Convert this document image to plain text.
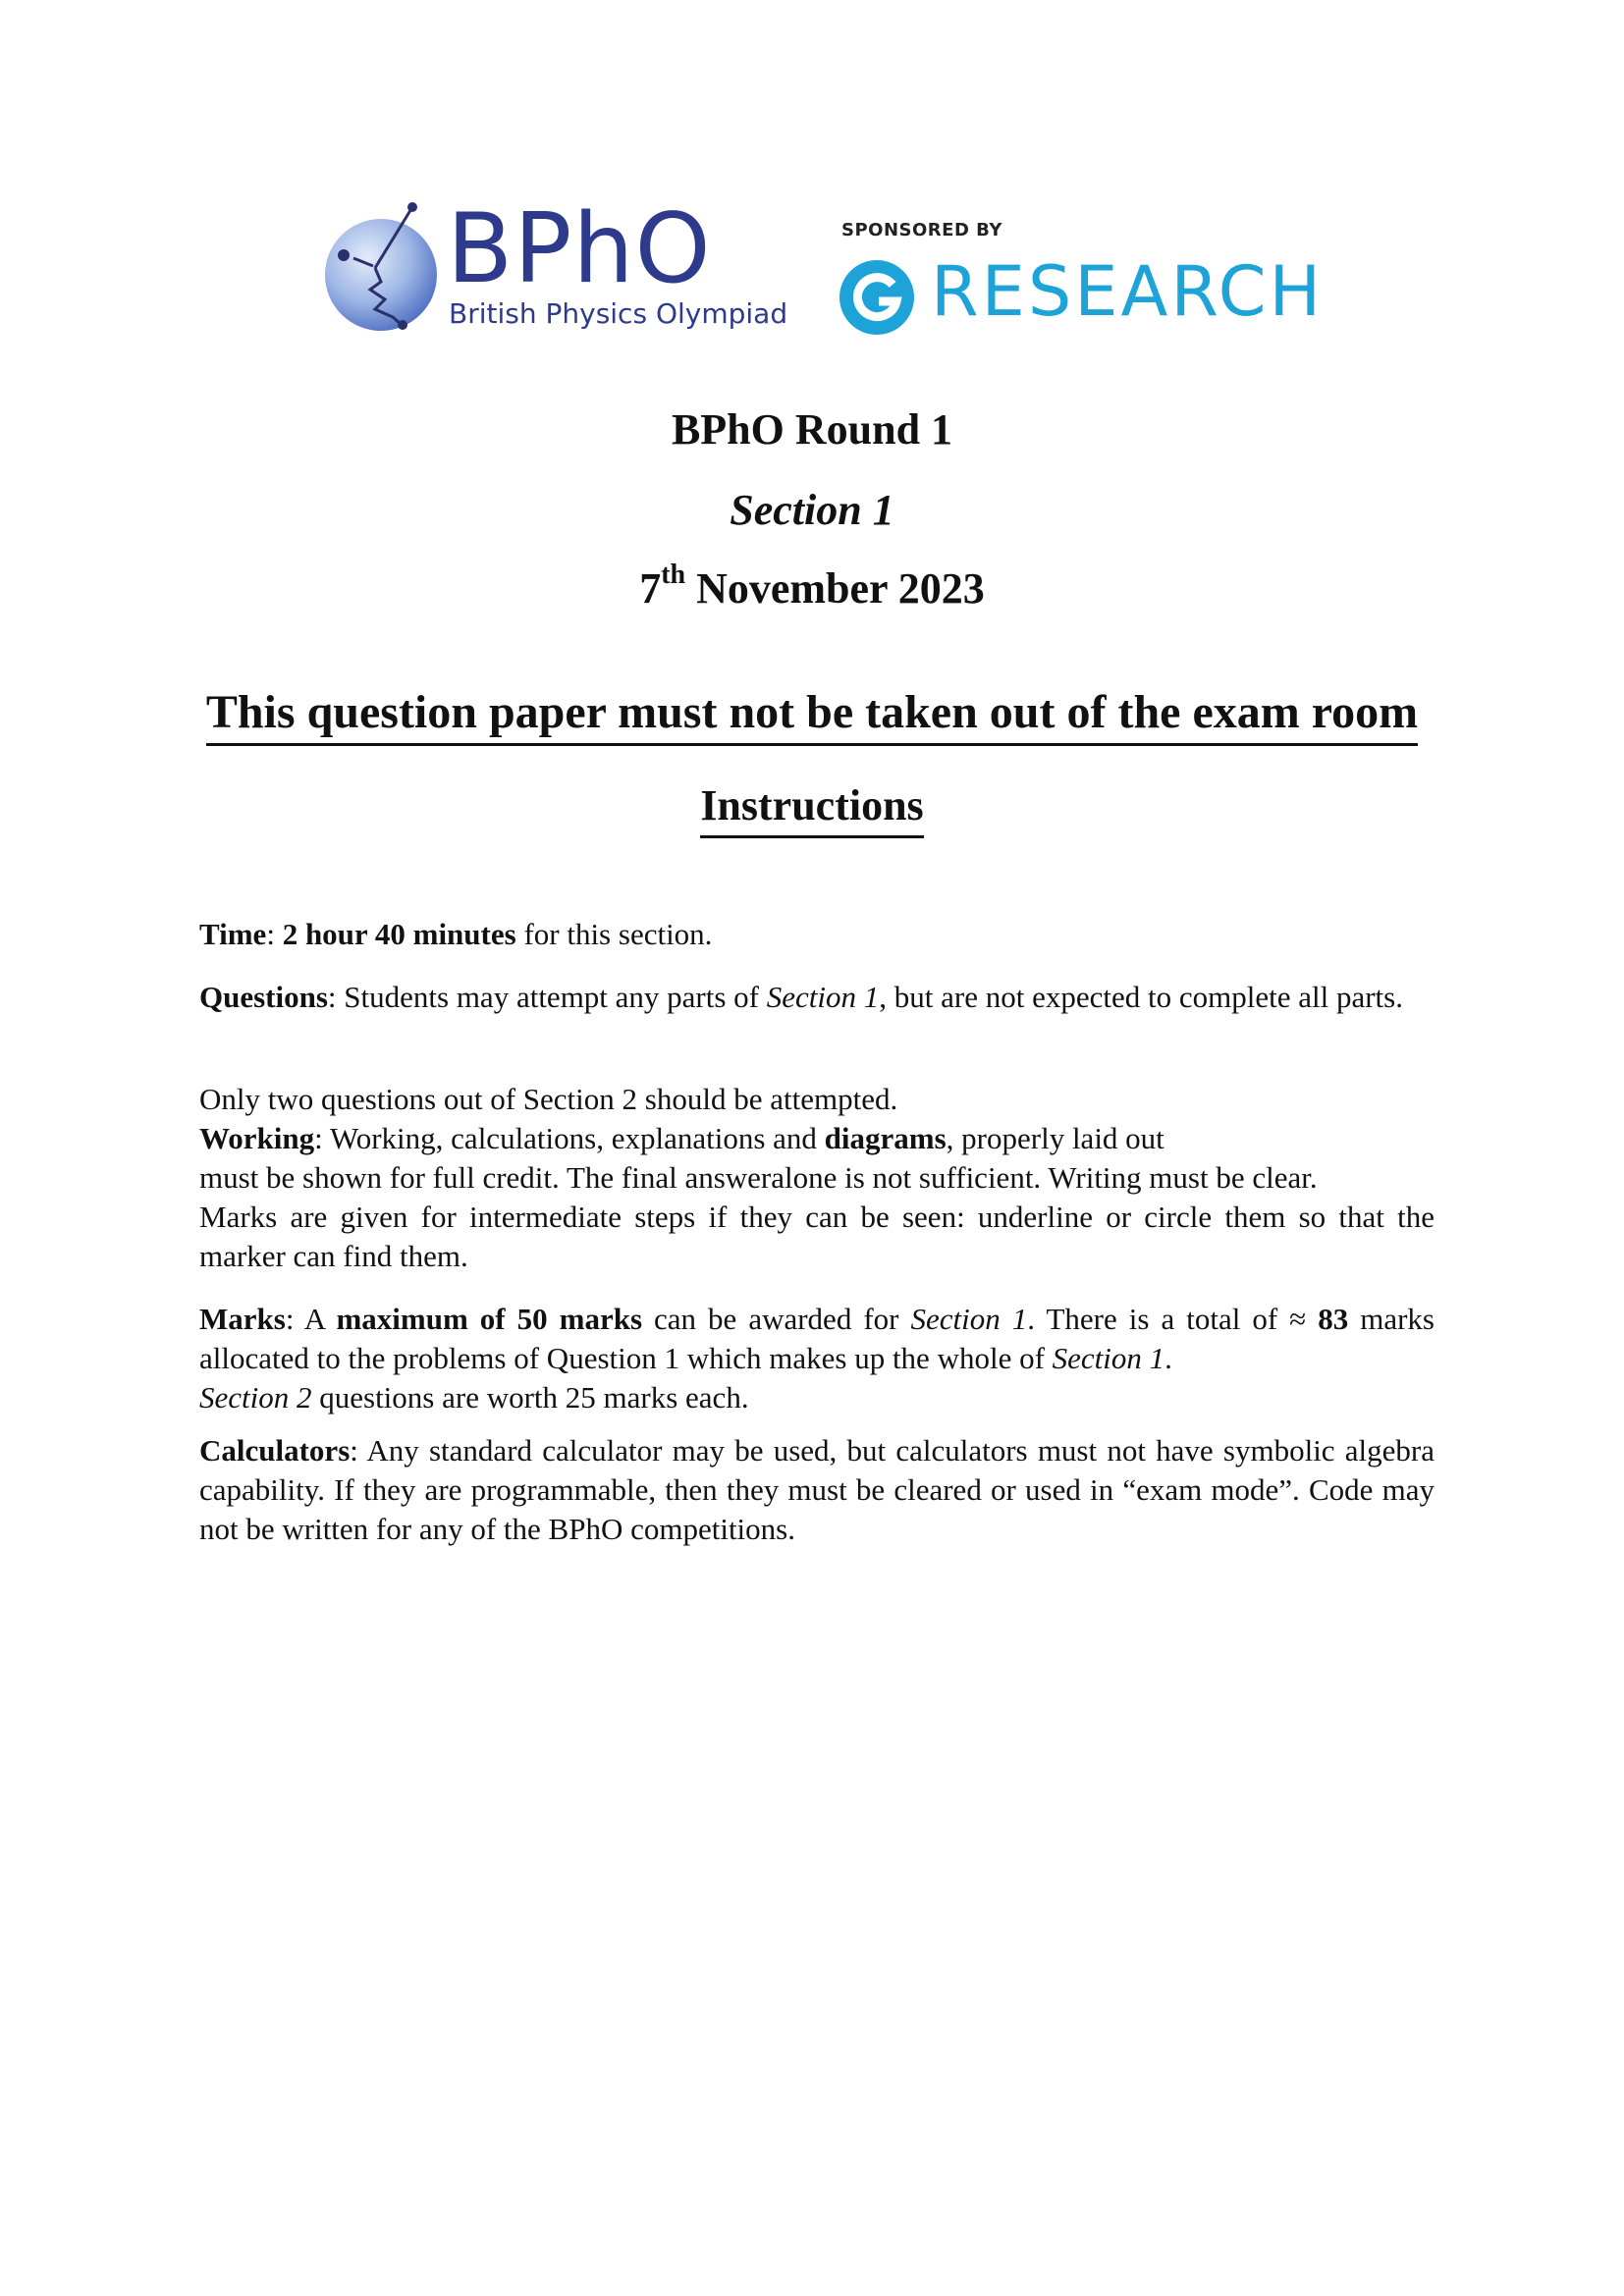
BPhO
British Physics Olympiad
SPONSORED BY
RESEARCH
BPhO Round 1
Section 1
7th November 2023
This question paper must not be taken out of the exam room
Instructions
Time: 2 hour 40 minutes for this section.
Questions: Students may attempt any parts of Section 1, but are not expected to complete all parts.
Only two questions out of Section 2 should be attempted.
Working: Working, calculations, explanations and diagrams, properly laid out
must be shown for full credit. The final answeralone is not sufficient. Writing must be clear.
Marks are given for intermediate steps if they can be seen: underline or circle them so that the marker can find them.
Marks: A maximum of 50 marks can be awarded for Section 1. There is a total of ≈ 83 marks allocated to the problems of Question 1 which makes up the whole of Section 1.
Section 2 questions are worth 25 marks each.
Calculators: Any standard calculator may be used, but calculators must not have symbolic algebra capability. If they are programmable, then they must be cleared or used in “exam mode”. Code may not be written for any of the BPhO competitions.
